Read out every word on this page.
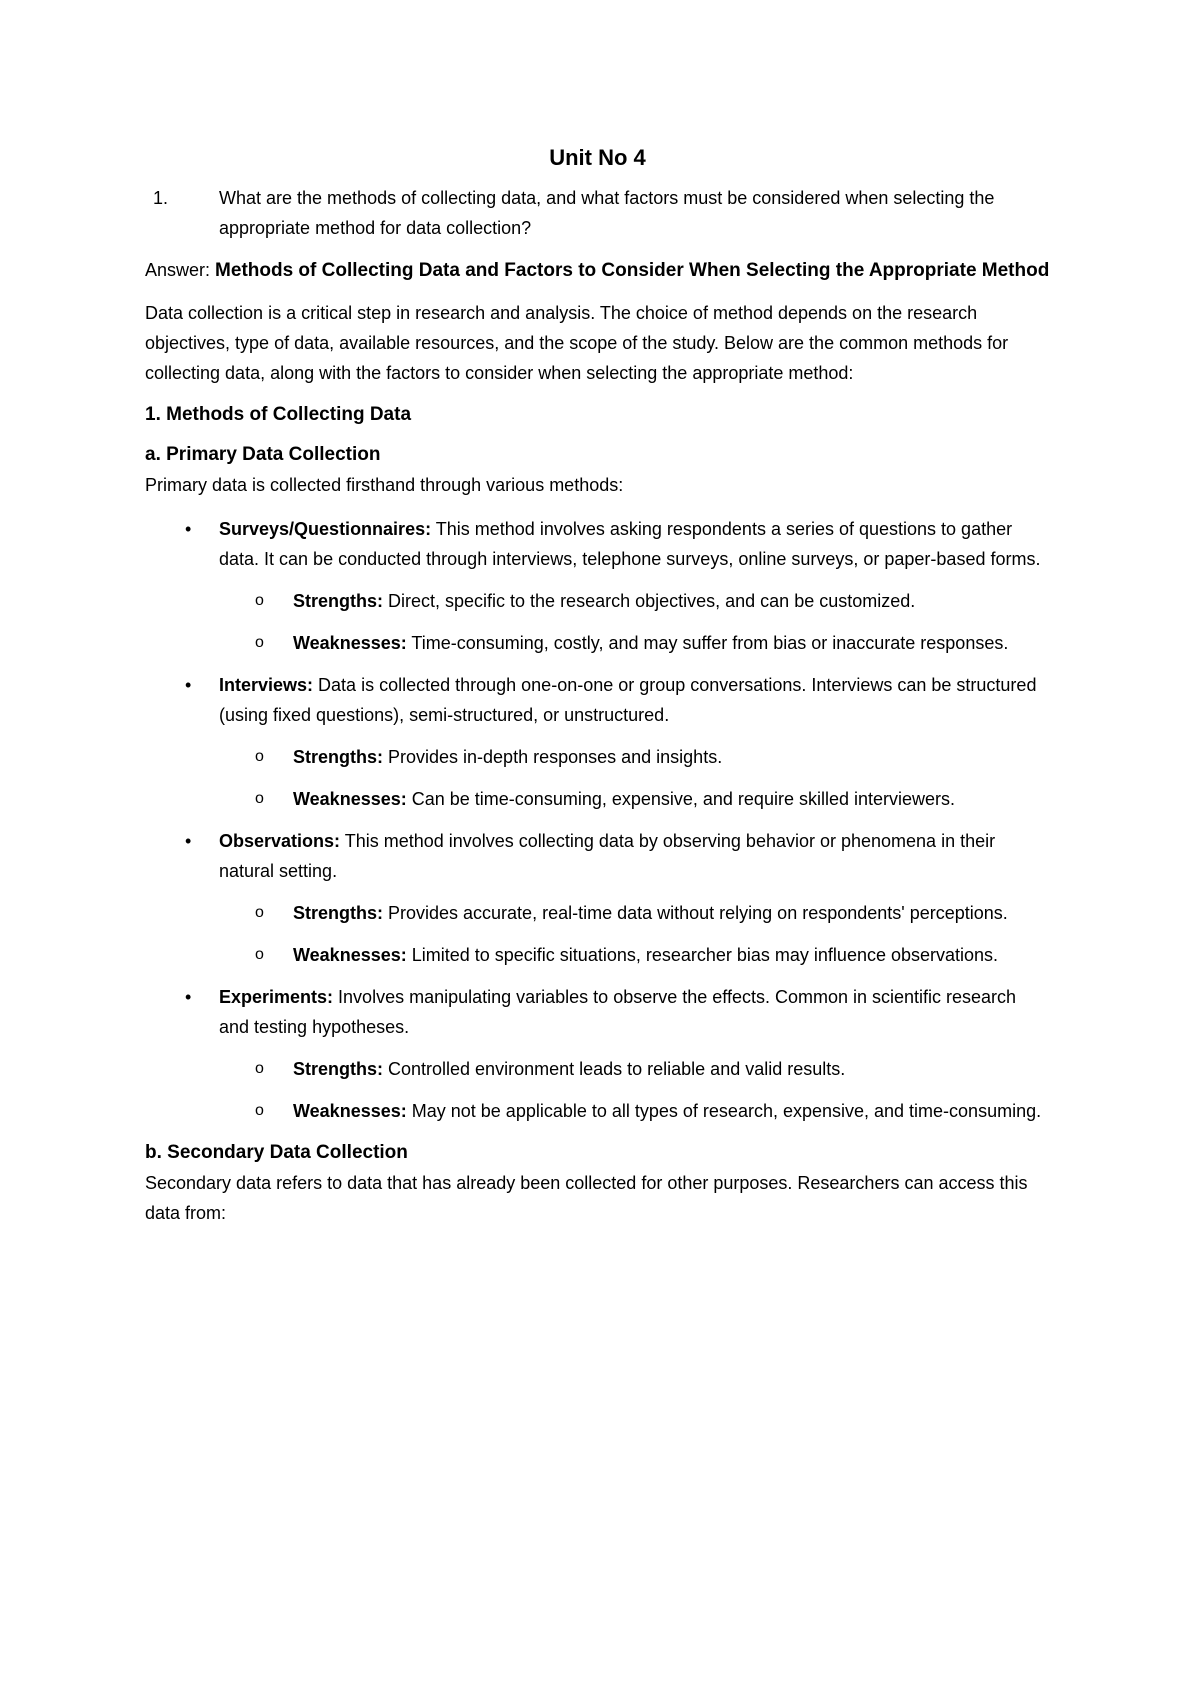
Unit No 4
1.	What are the methods of collecting data, and what factors must be considered when selecting the appropriate method for data collection?
Answer: Methods of Collecting Data and Factors to Consider When Selecting the Appropriate Method

Data collection is a critical step in research and analysis. The choice of method depends on the research objectives, type of data, available resources, and the scope of the study. Below are the common methods for collecting data, along with the factors to consider when selecting the appropriate method:

1. Methods of Collecting Data
a. Primary Data Collection
Primary data is collected firsthand through various methods:
•	Surveys/Questionnaires: This method involves asking respondents a series of questions to gather data. It can be conducted through interviews, telephone surveys, online surveys, or paper-based forms.
o	Strengths: Direct, specific to the research objectives, and can be customized.
o	Weaknesses: Time-consuming, costly, and may suffer from bias or inaccurate responses.
•	Interviews: Data is collected through one-on-one or group conversations. Interviews can be structured (using fixed questions), semi-structured, or unstructured.
o	Strengths: Provides in-depth responses and insights.
o	Weaknesses: Can be time-consuming, expensive, and require skilled interviewers.
•	Observations: This method involves collecting data by observing behavior or phenomena in their natural setting.
o	Strengths: Provides accurate, real-time data without relying on respondents' perceptions.
o	Weaknesses: Limited to specific situations, researcher bias may influence observations.
•	Experiments: Involves manipulating variables to observe the effects. Common in scientific research and testing hypotheses.
o	Strengths: Controlled environment leads to reliable and valid results.
o	Weaknesses: May not be applicable to all types of research, expensive, and time-consuming.
b. Secondary Data Collection
Secondary data refers to data that has already been collected for other purposes. Researchers can access this data from:
